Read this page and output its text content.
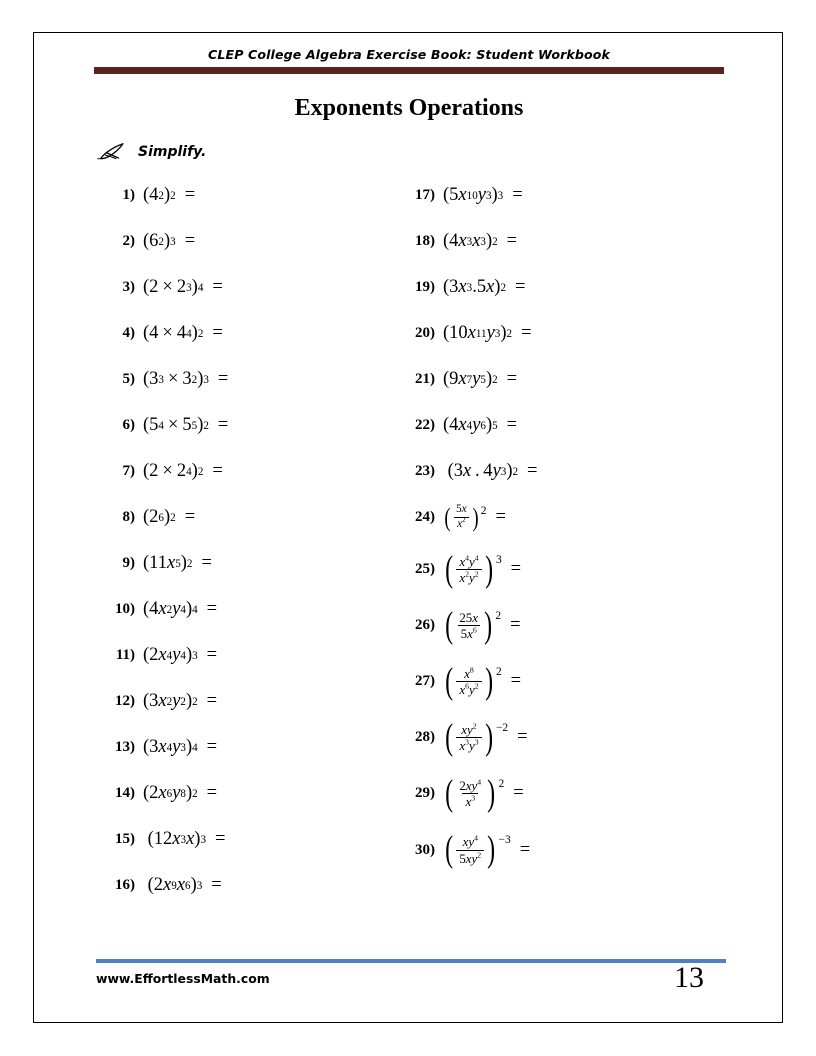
CLEP College Algebra Exercise Book: Student Workbook
Exponents Operations
Simplify.
1) (4 2 ) 2 =
2) (6 2 ) 3 =
3) (2 × 2 3 ) 4 =
4) (4 × 4 4 ) 2 =
5) (3 3 × 3 2 ) 3 =
6) (5 4 × 5 5 ) 2 =
7) (2 × 2 4 ) 2 =
8) (2 6 ) 2 =
9) (11 x 5 ) 2 =
10) (4 x 2 y 4 ) 4 =
11) (2 x 4 y 4 ) 3 =
12) (3 x 2 y 2 ) 2 =
13) (3 x 4 y 3 ) 4 =
14) (2 x 6 y 8 ) 2 =
15) (12 x 3 x ) 3 =
16) (2 x 9 x 6 ) 3 =
17) (5 x 10 y 3 ) 3 =
18) (4 x 3 x 3 ) 2 =
19) (3 x 3 .5 x ) 2 =
20) (10 x 11 y 3 ) 2 =
21) (9 x 7 y 5 ) 2 =
22) (4 x 4 y 6 ) 5 =
23) (3 x  . 4 y 3 ) 2 =
24) ( $\frac{5x}{x^2}$ ) 2 =
25) ( $\frac{x^4y^4}{x^2y^2}$ ) 3 =
26) ( $\frac{25x}{5x^6}$ ) 2 =
27) ( $\frac{x^8}{x^6y^2}$ ) 2 =
28) ( $\frac{xy^2}{x^3y^3}$ ) −2 =
29) ( $\frac{2xy^4}{x^3}$ ) 2 =
30) ( $\frac{xy^4}{5xy^2}$ ) −3 =
www.EffortlessMath.com	13
